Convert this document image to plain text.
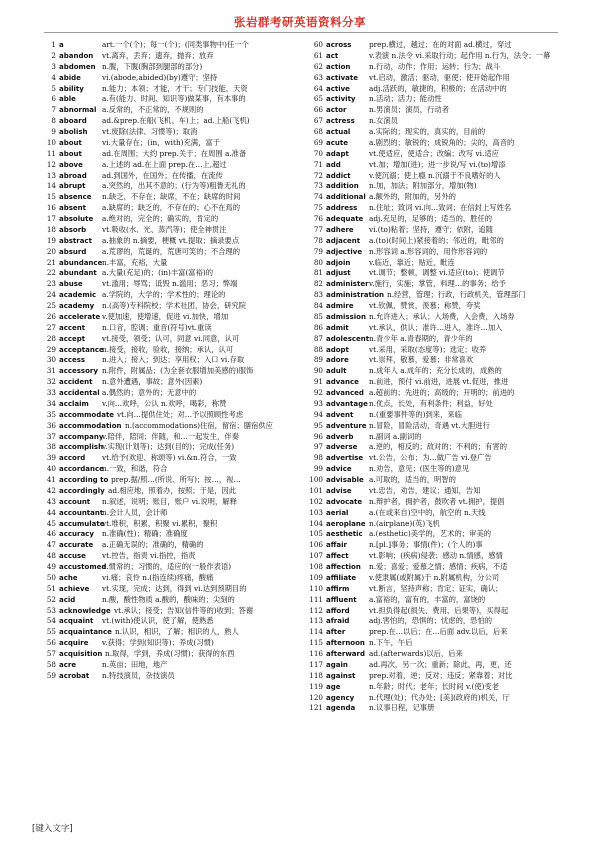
张岩群考研英语资料分享
1 a	art.一个(个)；每一(个)；(同类事物中)任一个
2 abandon vt.离弃，丢弃；遗弃，抛弃；放弃
3 abdomen n.腹，下腹(胸部到腿部的部分)
4 abide	vi.(abode,abided)(by)遵守；坚持
5 ability n.能力；本领；才能，才干；专门技能，天资
6 able	a.有(能力、时间、知识等)做某事，有本事的
7 abnormal a.反常的，不正常的，不规则的
8 aboard ad.&prep.在船(飞机、车)上；ad.上船(飞机)
9 abolish vt.废除(法律、习惯等)；取消
10 about	vi.大量存在；(in，with)充满，富于
11 about	ad.在周围；大约 prep.关于；在周围 a.准备
12 above	a.上述的 ad.在上面 prep.在…上,超过
13 abroad ad.到国外，在国外；在传播，在流传
14 abrupt a.突然的，出其不意的；(行为等)粗鲁无礼的
15 absence n.缺乏，不存在；缺席，不在；缺席的时间
16 absent a.缺席的；缺乏的，不存在的；心不在焉的
17 absolute a.绝对的，完全的；确实的，肯定的
18 absorb vt.吸收(水、光、蒸汽等)；使全神贯注
19 abstract a.抽象的 n.摘要，梗概 vt.提取；摘录要点
20 absurd a.荒谬的，荒诞的，荒唐可笑的；不合理的
21 abundance n.丰富，充裕，大量
22 abundant a.大量(充足)的；(in)丰富(富裕)的
23 abuse	vt.滥用；辱骂；诋毁 n.滥用；恶习；弊端
24 academic a.学院的，大学的；学术性的；理论的
25 academy n.(高等)专科院校；学术社团，协会，研究院
26 accelerate v.使加速，使增速，促进 vi.加快，增加
27 accent n.口音，腔调；重音(符号)vt.重读
28 accept vt.接受，领受；认可，同意 vi.同意，认可
29 acceptance
n.接受，接收，验收，接纳；承认，认可
30 access n.进入；接入；到达；享用权；入口 vi.存取
31 accessory n.附件，附属品；(为全套衣服增加美感的)服饰
32 accident n.意外遭遇，事故；意外(因素)
33 accidental a.偶然的；意外的；无意中的
34 acclaim v.向…欢呼，公认 n.欢呼，喝彩，称赞
35 accommodate vt.向…提供住处；对…予以照顾性考虑
36 accommodation n.(accommodations)住宿，留宿；膳宿供应
37 accompany
v.陪伴，陪同；伴随，和…一起发生，伴奏
38 accomplish
v.实现(计划等)；达到(目的)；完成(任务)
39 accord vt.给予(欢迎、称颂等) vi.&n.符合，一致
40 accordance
n.一致，和谐，符合
41 according to prep.据/照…(所说、所写)；按…，视…
42 accordingly ad.相应地，照着办，按照；于是，因此
43 account n.叙述，说明；账目，账户 vi.说明，解释
44 accountant
n.会计人员，会计师
45 accumulate
vt.堆积，积累，积聚 vi.累积，聚积
46 accuracy n.准确(性)；精确；准确度
47 accurate a.正确无误的；准确的，精确的
48 accuse vt.控告，指责 vi.指控，指责
49 accustomed
a.惯常的；习惯的，适应的(一般作表语)
50 ache	vi.痛；哀怜 n.(指连续)疼痛，酸痛
51 achieve vt.实现，完成；达到，得到 vi.达到预期目的
52 acid	n.酸，酸性物质 a.酸的，酸味的；尖刻的
53 acknowledge vt.承认；接受；告知(信件等的)收到；答谢
54 acquaint vt.(with)使认识，使了解，使熟悉
55 acquaintance n.认识，相识，了解；相识的人，熟人
56 acquire v.获得；学到(知识等)；养成(习惯)
57 acquisition n.取得，学到，养成(习惯)；获得的东西
58 acre	n.英亩；田地，地产
59 acrobat n.特技演员，杂技演员
60 across prep.横过，越过；在的对面 ad.横过，穿过
61 act	v.表演 n.法令 vi.采取行动；起作用 n.行为，法令；一幕
62 action	n.行动，动作；作用；运转；行为；战斗
63 activate vt.启动，激活；驱动，驱使；使开始起作用
64 active	adj.活跃的，敏捷的，积极的；在活动中的
65 activity n.活动；活力；能动性
66 actor	n.男演员；演员，行动者
67 actress n.女演员
68 actual	a.实际的；现实的，真实的，目前的
69 acute	a.剧烈的；敏锐的；成锐角的；尖的，高音的
70 adapt	vt.使适应，使适合；改编；改写 vi.适应
71 add	vt.加；增加(进)；进一步说/写 vi.(to)增添
72 addict	v.使沉溺；使上瘾 n.沉溺于不良嗜好的人
73 addition n.加，加法；附加部分，增加(物)
74 additional a.额外的，附加的，另外的
75 address n.住址；致词 vi.向…致词；在信封上写姓名
76 adequate adj.充足的，足够的；适当的，胜任的
77 adhere vi.(to)粘着；坚持，遵守；依附，追随
78 adjacent a.(to)(时间上)紧接着的；邻近的，毗邻的
79 adjective n.形容词 a.形容词的，用作形容词的
80 adjoin	v.临近，靠近；贴近，毗连
81 adjust	vt.调节；整顿，调整 vi.适应(to)；使调节
82 administer v.施行，实施；掌管，料理…的事务；给予
83 administration n.经营，管理；行政，行政机关，管理部门
84 admire vt.钦佩，赞赏，羡慕；称赞，夸奖
85 admission n.允许进入；承认；入场费，入会费，入场券
86 admit	vt.承认，供认；准许…进入，准许…加入
87 adolescent n.青少年 a.青春期的，青少年的
88 adopt	vt.采用，采取(态度等)；选定；收养
89 adore	vt.崇拜，敬慕，爱慕；非常喜欢
90 adult	n.成年人 a.成年的；充分长成的，成熟的
91 advance n.前进，预付 vi.前进，进展 vt.促进，推进
92 advanced a.超前的；先进的；高级的；开明的；前进的
93 advantage n.优点，长处，有利条件；利益，好处
94 advent n.(重要事件等的)到来，来临
95 adventure n.冒险，冒险活动，奇遇 vt.大胆进行
96 adverb n.副词 a.副词的
97 adverse a.逆的，相反的；敌对的；不利的；有害的
98 advertise vt.公告，公布；为…做广告 vi.登广告
99 advice n.劝告，意见；(医生等的)意见
100 advisable a.可取的，适当的，明智的
101 advise vt.忠告，劝告，建议；通知，告知
102 advocate n.辩护者，拥护者，鼓吹者 vt.拥护，提倡
103 aerial	a.(在或来自)空中的，航空的 n.天线
104 aeroplane n.(airplane)(英)飞机
105 aesthetic a.(esthetic)美学的，艺术的；审美的
106 affair	n.[pl.]事务；事情(件)；(个人的)事
107 affect	vt.影响；(疾病)侵袭；感动 n.情感，感情
108 affection n.爱；喜爱；爱慕之情；感情；疾病，不适
109 affiliate v.使隶属(或附属)于 n.附属机构，分公司
110 affirm	vt.断言，坚持声称；肯定；证实，确认；
111 affluent a.富裕的，富有的，丰富的，富饶的
112 afford	vt.担负得起(损失、费用、后果等)，买得起
113 afraid	adj.害怕的，恐惧的；忧虑的，恐怕的
114 after	prep.在…以后；在…后面 adv.以后，后来
115 afternoon n.下午，午后
116 afterward ad.(afterwards)以后，后来
117 again	ad.再次，另一次；重新；除此，再，更，还
118 against prep.对着，逆；反对；违反；紧靠着；对比
119 age	n.年龄；时代；老年；长时间 v.(使)变老
120 agency n.代理(处)；代办处；[美](政府的)机关，厅
121 agenda n.议事日程，记事册
[键入文字]
